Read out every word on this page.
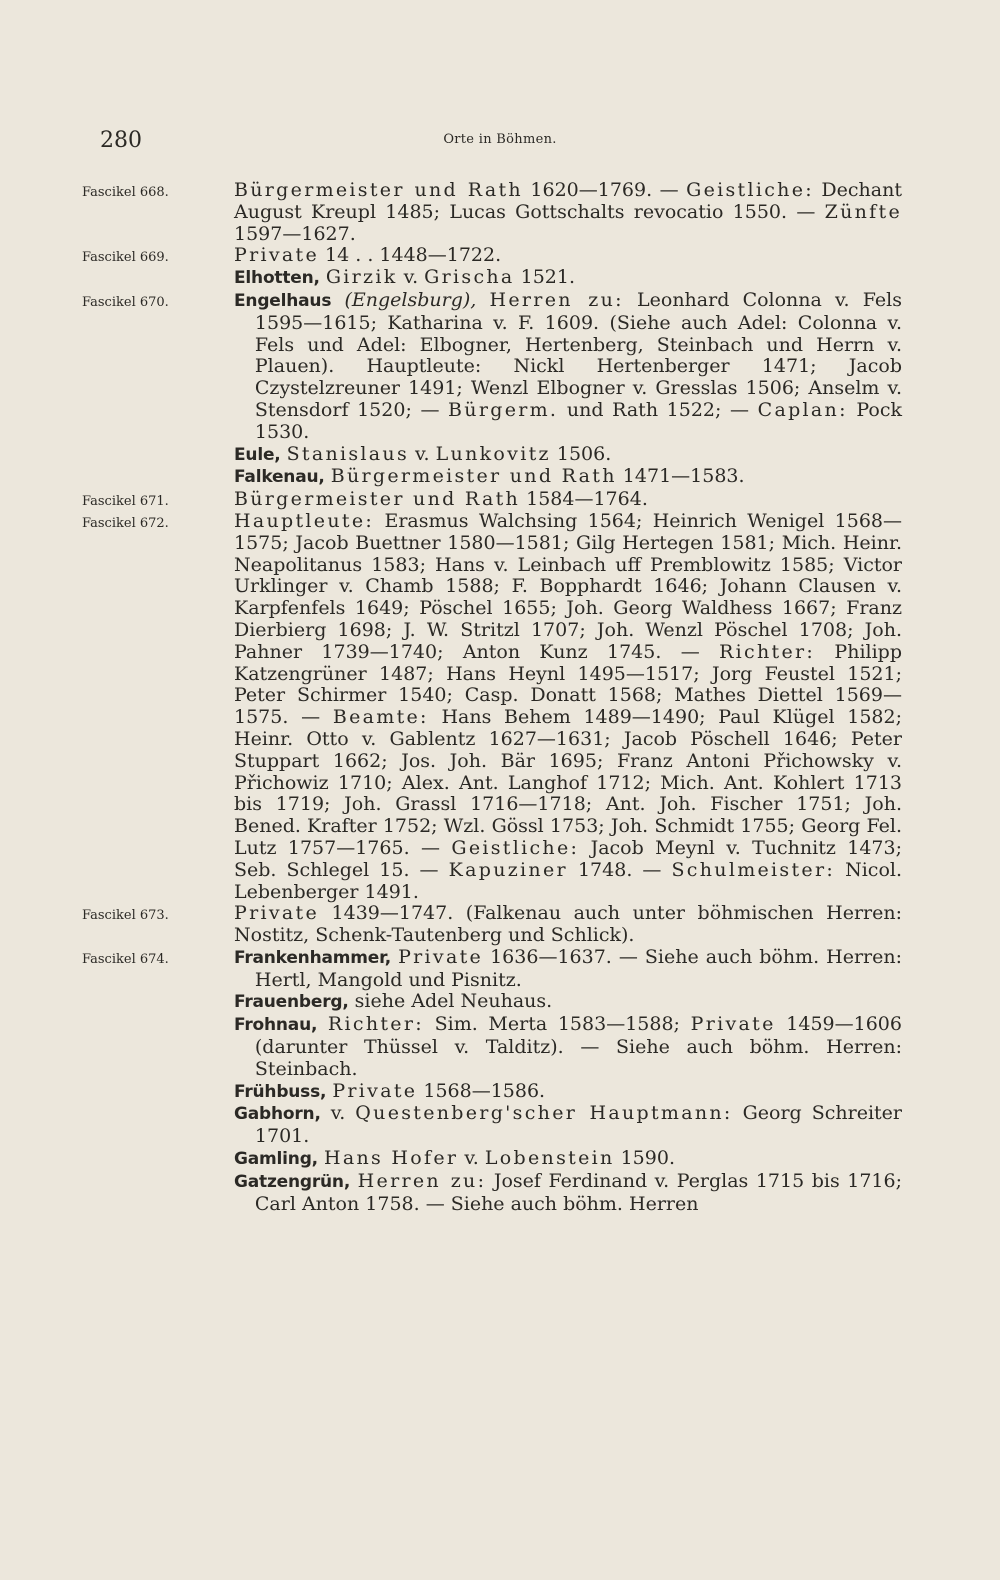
280	Orte in Böhmen.
Fascikel 668.	Bürgermeister und Rath 1620—1769. — Geistliche: Dechant August Kreupl 1485; Lucas Gottschalts revocatio 1550. — Zünfte 1597—1627.
Fascikel 669.	Private 14 . . 1448—1722.
Elhotten, Girzik v. Grischa 1521.
Fascikel 670.	Engelhaus (Engelsburg), Herren zu: Leonhard Colonna v. Fels 1595—1615; Katharina v. F. 1609. (Siehe auch Adel: Colonna v. Fels und Adel: Elbogner, Hertenberg, Steinbach und Herrn v. Plauen). Hauptleute: Nickl Hertenberger 1471; Jacob Czystelzreuner 1491; Wenzl Elbogner v. Gresslas 1506; Anselm v. Stensdorf 1520; — Bürgerm. und Rath 1522; — Caplan: Pock 1530.
Eule, Stanislaus v. Lunkovitz 1506.
Falkenau, Bürgermeister und Rath 1471—1583.
Fascikel 671.	Bürgermeister und Rath 1584—1764.
Fascikel 672.	Hauptleute: Erasmus Walchsing 1564; Heinrich Wenigel 1568—1575; Jacob Buettner 1580—1581; Gilg Hertegen 1581; Mich. Heinr. Neapolitanus 1583; Hans v. Leinbach uff Premblowitz 1585; Victor Urklinger v. Chamb 1588; F. Bopphardt 1646; Johann Clausen v. Karpfenfels 1649; Pöschel 1655; Joh. Georg Waldhess 1667; Franz Dierbierg 1698; J. W. Stritzl 1707; Joh. Wenzl Pöschel 1708; Joh. Pahner 1739—1740; Anton Kunz 1745. — Richter: Philipp Katzengrüner 1487; Hans Heynl 1495—1517; Jorg Feustel 1521; Peter Schirmer 1540; Casp. Donatt 1568; Mathes Diettel 1569—1575. — Beamte: Hans Behem 1489—1490; Paul Klügel 1582; Heinr. Otto v. Gablentz 1627—1631; Jacob Pöschell 1646; Peter Stuppart 1662; Jos. Joh. Bär 1695; Franz Antoni Přichowsky v. Přichowiz 1710; Alex. Ant. Langhof 1712; Mich. Ant. Kohlert 1713 bis 1719; Joh. Grassl 1716—1718; Ant. Joh. Fischer 1751; Joh. Bened. Krafter 1752; Wzl. Gössl 1753; Joh. Schmidt 1755; Georg Fel. Lutz 1757—1765. — Geistliche: Jacob Meynl v. Tuchnitz 1473; Seb. Schlegel 15. — Kapuziner 1748. — Schulmeister: Nicol. Lebenberger 1491.
Fascikel 673.	Private 1439—1747. (Falkenau auch unter böhmischen Herren: Nostitz, Schenk-Tautenberg und Schlick).
Fascikel 674.	Frankenhammer, Private 1636—1637. — Siehe auch böhm. Herren: Hertl, Mangold und Pisnitz.
Frauenberg, siehe Adel Neuhaus.
Frohnau, Richter: Sim. Merta 1583—1588; Private 1459—1606 (darunter Thüssel v. Talditz). — Siehe auch böhm. Herren: Steinbach.
Frühbuss, Private 1568—1586.
Gabhorn, v. Questenberg'scher Hauptmann: Georg Schreiter 1701.
Gamling, Hans Hofer v. Lobenstein 1590.
Gatzengrün, Herren zu: Josef Ferdinand v. Perglas 1715 bis 1716; Carl Anton 1758. — Siehe auch böhm. Herren
